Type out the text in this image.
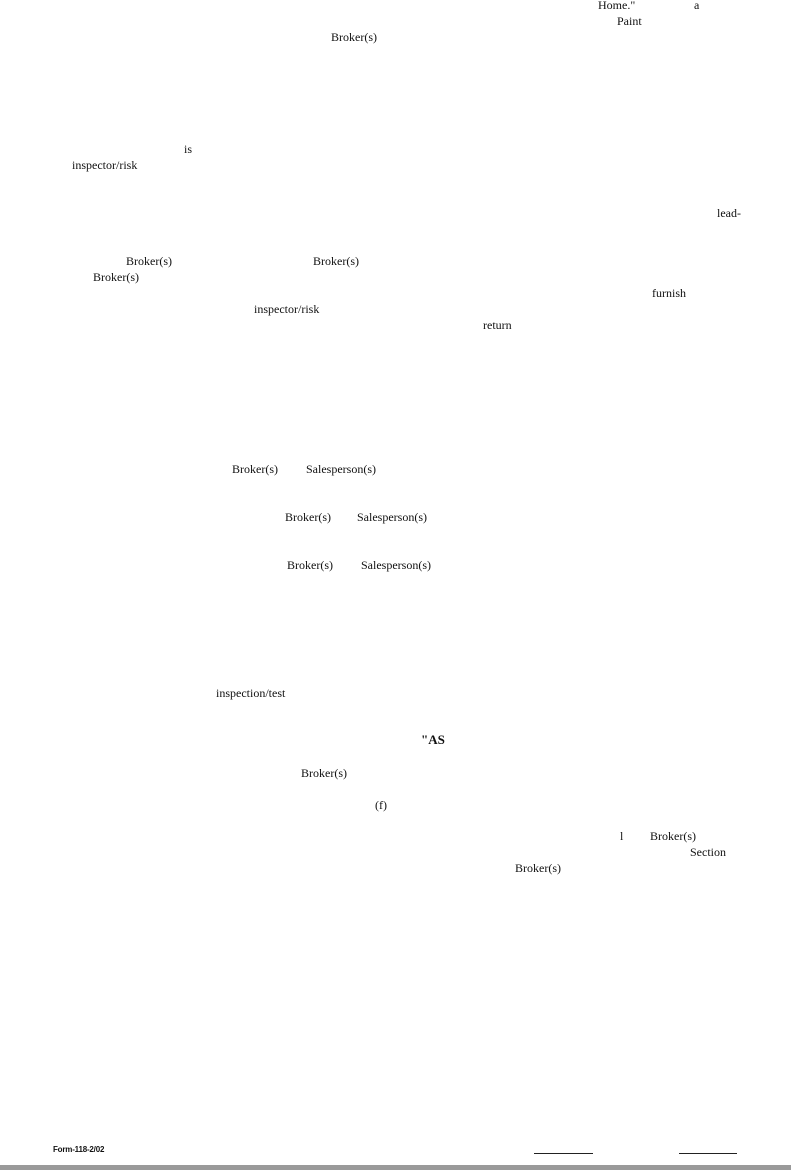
Home."	a
Paint
Broker(s)
is
inspector/risk
lead-
Broker(s)	Broker(s)
Broker(s)
furnish
inspector/risk
return
Broker(s) Salesperson(s)
Broker(s) Salesperson(s)
Broker(s) Salesperson(s)
inspection/test
"AS
Broker(s)
(f)
l Broker(s)
Section
Broker(s)
Form-118-2/02
